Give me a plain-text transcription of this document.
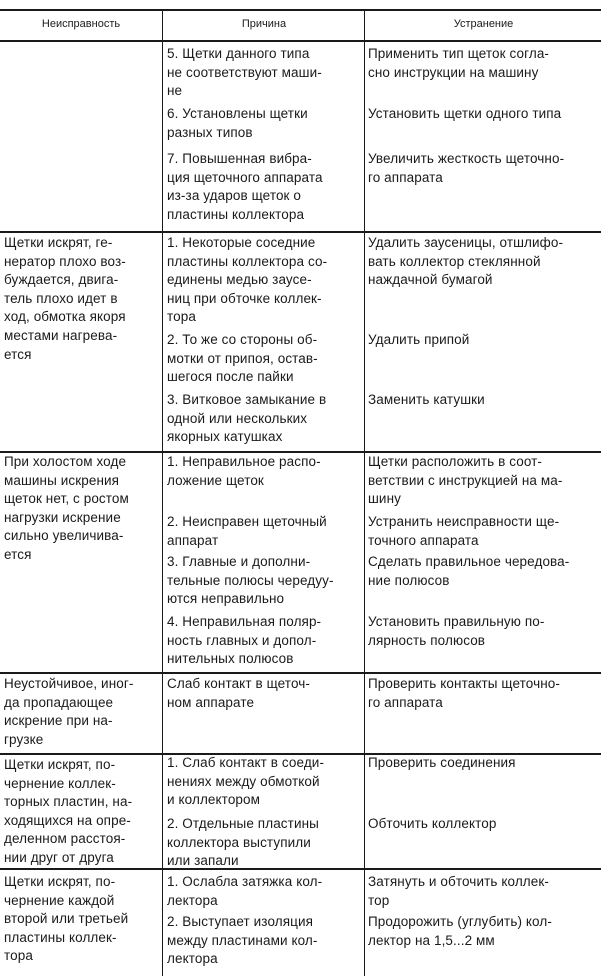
Неисправность	Причина	Устранение
5. Щетки данного типа
не соответствуют маши-
не
Применить тип щеток согла-
сно инструкции на машину
6. Установлены щетки
разных типов
Установить щетки одного типа
7. Повышенная вибра-
ция щеточного аппарата
из-за ударов щеток о
пластины коллектора
Увеличить жесткость щеточно-
го аппарата
Щетки искрят, ге-
нератор плохо воз-
буждается, двига-
тель плохо идет в
ход, обмотка якоря
местами нагрева-
ется
1. Некоторые соседние
пластины коллектора со-
единены медью заусе-
ниц при обточке коллек-
тора
Удалить заусеницы, отшлифо-
вать коллектор стеклянной
наждачной бумагой
2. То же со стороны об-
мотки от припоя, остав-
шегося после пайки
Удалить припой
3. Витковое замыкание в
одной или нескольких
якорных катушках
Заменить катушки
При холостом ходе
машины искрения
щеток нет, с ростом
нагрузки искрение
сильно увеличива-
ется
1. Неправильное распо-
ложение щеток
Щетки расположить в соот-
ветствии с инструкцией на ма-
шину
2. Неисправен щеточный
аппарат
Устранить неисправности ще-
точного аппарата
3. Главные и дополни-
тельные полюсы чередуу-
ются неправильно
Сделать правильное чередова-
ние полюсов
4. Неправильная поляр-
ность главных и допол-
нительных полюсов
Установить правильную по-
лярность полюсов
Неустойчивое, иног-
да пропадающее
искрение при на-
грузке
Слаб контакт в щеточ-
ном аппарате
Проверить контакты щеточно-
го аппарата
Щетки искрят, по-
чернение коллек-
торных пластин, на-
ходящихся на опре-
деленном расстоя-
нии друг от друга
1. Слаб контакт в соеди-
нениях между обмоткой
и коллектором
Проверить соединения
2. Отдельные пластины
коллектора выступили
или запали
Обточить коллектор
Щетки искрят, по-
чернение каждой
второй или третьей
пластины коллек-
тора
1. Ослабла затяжка кол-
лектора
Затянуть и обточить коллек-
тор
2. Выступает изоляция
между пластинами кол-
лектора
Продорожить (углубить) кол-
лектор на 1,5...2 мм
